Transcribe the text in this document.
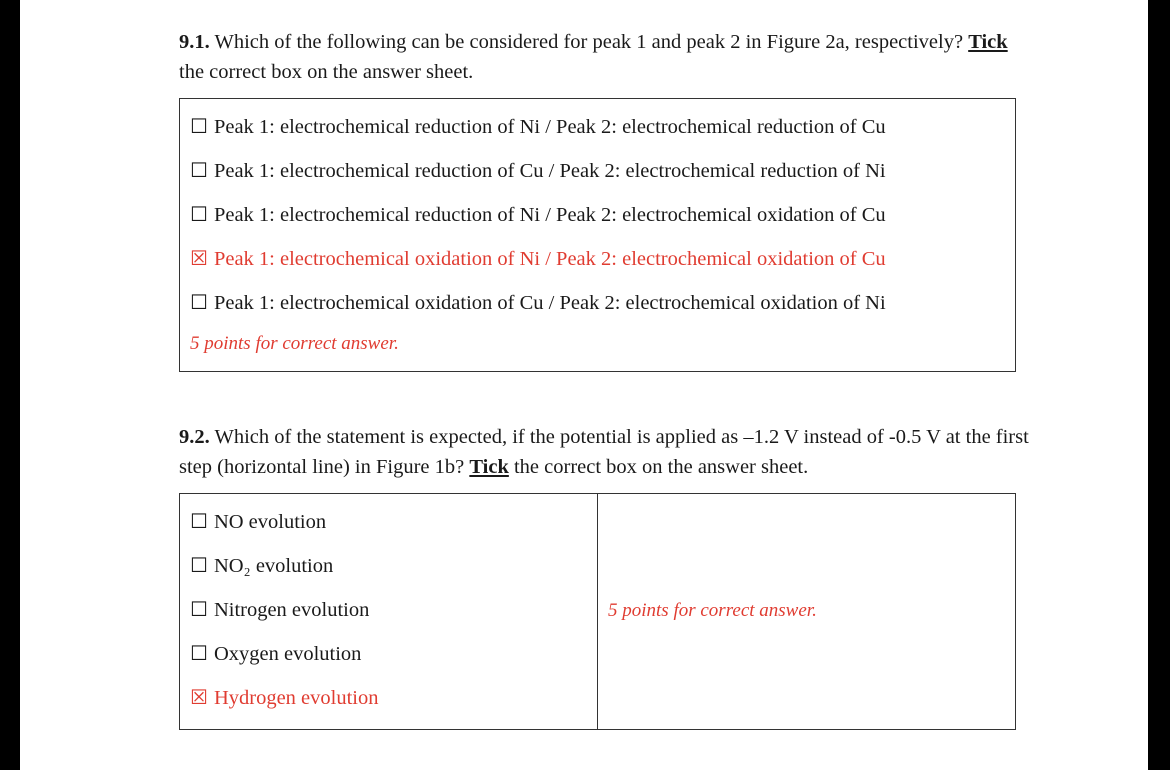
9.1. Which of the following can be considered for peak 1 and peak 2 in Figure 2a, respectively? Tick the correct box on the answer sheet.
☐ Peak 1: electrochemical reduction of Ni / Peak 2: electrochemical reduction of Cu
☐ Peak 1: electrochemical reduction of Cu / Peak 2: electrochemical reduction of Ni
☐ Peak 1: electrochemical reduction of Ni / Peak 2: electrochemical oxidation of Cu
☒ Peak 1: electrochemical oxidation of Ni / Peak 2: electrochemical oxidation of Cu
☐ Peak 1: electrochemical oxidation of Cu / Peak 2: electrochemical oxidation of Ni
5 points for correct answer.
9.2. Which of the statement is expected, if the potential is applied as –1.2 V instead of -0.5 V at the first step (horizontal line) in Figure 1b? Tick the correct box on the answer sheet.
☐ NO evolution
☐ NO₂ evolution
☐ Nitrogen evolution
☐ Oxygen evolution
☒ Hydrogen evolution
5 points for correct answer.
